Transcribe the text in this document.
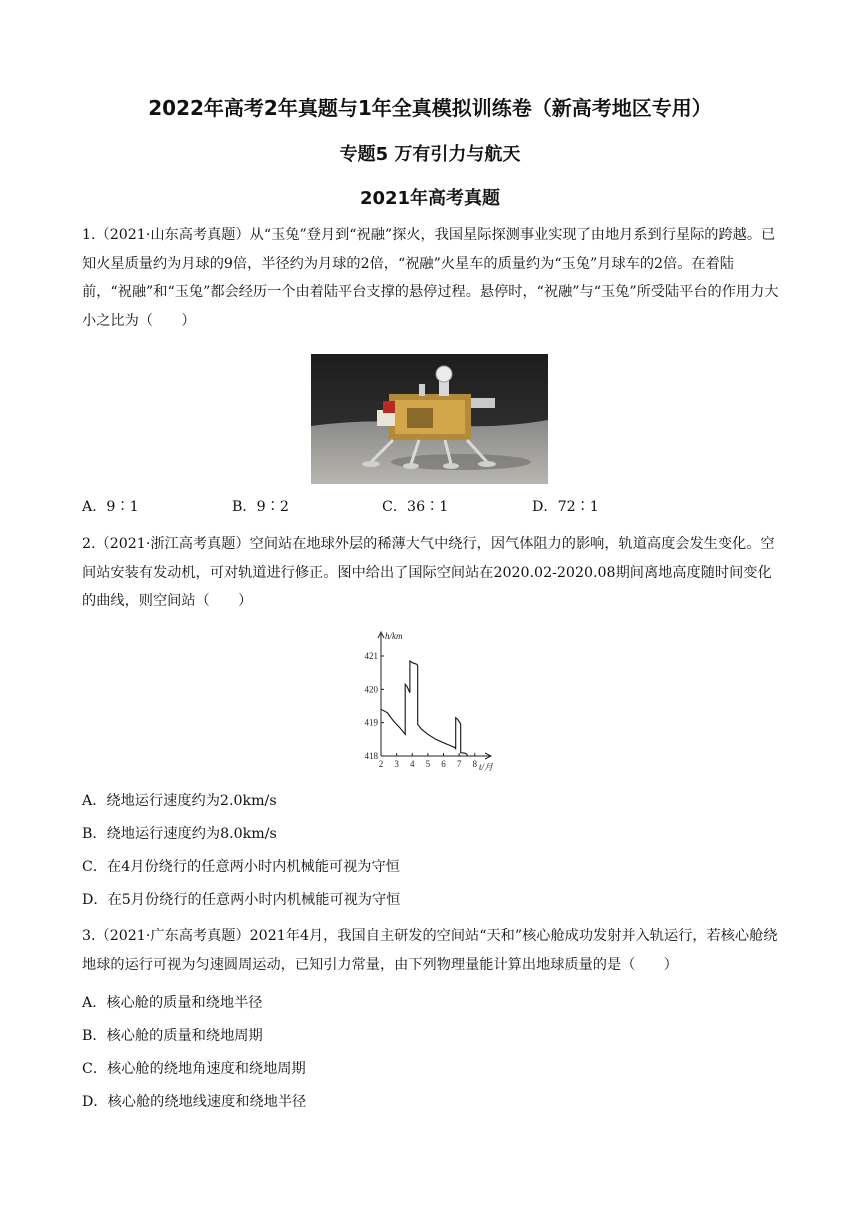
2022年高考2年真题与1年全真模拟训练卷（新高考地区专用）
专题5 万有引力与航天
2021年高考真题
1.（2021·山东高考真题）从“玉兔”登月到“祝融”探火，我国星际探测事业实现了由地月系到行星际的跨越。已知火星质量约为月球的9倍，半径约为月球的2倍，“祝融”火星车的质量约为“玉兔”月球车的2倍。在着陆前，“祝融”和“玉兔”都会经历一个由着陆平台支撑的悬停过程。悬停时，“祝融”与“玉兔”所受陆平台的作用力大小之比为（　　）
A．9∶1	B．9∶2	C．36∶1	D．72∶1
2.（2021·浙江高考真题）空间站在地球外层的稀薄大气中绕行，因气体阻力的影响，轨道高度会发生变化。空间站安装有发动机，可对轨道进行修正。图中给出了国际空间站在2020.02-2020.08期间离地高度随时间变化的曲线，则空间站（　　）
h/km
t/月
418
419
420
421
2 3 4 5 6 7 8
A．绕地运行速度约为2.0km/s
B．绕地运行速度约为8.0km/s
C．在4月份绕行的任意两小时内机械能可视为守恒
D．在5月份绕行的任意两小时内机械能可视为守恒
3.（2021·广东高考真题）2021年4月，我国自主研发的空间站“天和”核心舱成功发射并入轨运行，若核心舱绕地球的运行可视为匀速圆周运动，已知引力常量，由下列物理量能计算出地球质量的是（　　）
A．核心舱的质量和绕地半径
B．核心舱的质量和绕地周期
C．核心舱的绕地角速度和绕地周期
D．核心舱的绕地线速度和绕地半径
